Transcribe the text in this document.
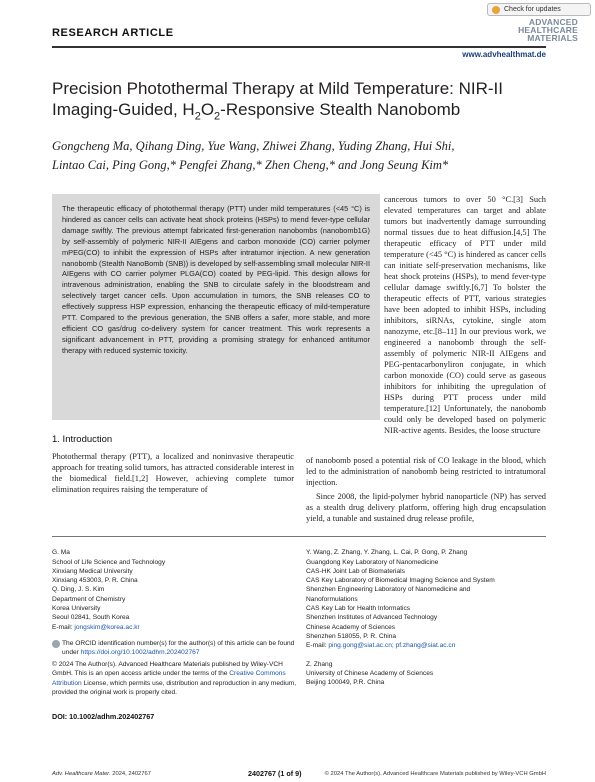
Check for updates
RESEARCH ARTICLE
ADVANCED
HEALTHCARE
MATERIALS
www.advhealthmat.de
Precision Photothermal Therapy at Mild Temperature: NIR-II
Imaging-Guided, $H_2O_2$-Responsive Stealth Nanobomb
Gongcheng Ma, Qihang Ding, Yue Wang, Zhiwei Zhang, Yuding Zhang, Hui Shi,
Lintao Cai, Ping Gong,* Pengfei Zhang,* Zhen Cheng,* and Jong Seung Kim*
The therapeutic efficacy of photothermal therapy (PTT) under mild temperatures (<45 °C) is hindered as cancer cells can activate heat shock proteins (HSPs) to mend fever-type cellular damage swiftly. The previous attempt fabricated first-generation nanobombs (nanobomb1G) by self-assembly of polymeric NIR-II AIEgens and carbon monoxide (CO) carrier polymer mPEG(CO) to inhibit the expression of HSPs after intratumor injection. A new generation nanobomb (Stealth NanoBomb (SNB)) is developed by self-assembling small molecular NIR-II AIEgens with CO carrier polymer PLGA(CO) coated by PEG-lipid. This design allows for intravenous administration, enabling the SNB to circulate safely in the bloodstream and selectively target cancer cells. Upon accumulation in tumors, the SNB releases CO to effectively suppress HSP expression, enhancing the therapeutic efficacy of mild-temperature PTT. Compared to the previous generation, the SNB offers a safer, more stable, and more efficient CO gas/drug co-delivery system for cancer treatment. This work represents a significant advancement in PTT, providing a promising strategy for enhanced antitumor therapy with reduced systemic toxicity.
cancerous tumors to over 50 °C.[3] Such elevated temperatures can target and ablate tumors but inadvertently damage surrounding normal tissues due to heat diffusion.[4,5] The therapeutic efficacy of PTT under mild temperature (<45 °C) is hindered as cancer cells can initiate self-preservation mechanisms, like heat shock proteins (HSPs), to mend fever-type cellular damage swiftly.[6,7] To bolster the therapeutic effects of PTT, various strategies have been adopted to inhibit HSPs, including inhibitors, siRNAs, cytokine, single atom nanozyme, etc.[8–11] In our previous work, we engineered a nanobomb through the self-assembly of polymeric NIR-II AIEgens and PEG-pentacarbonyliron conjugate, in which carbon monoxide (CO) could serve as gaseous inhibitors for inhibiting the upregulation of HSPs during PTT process under mild temperature.[12] Unfortunately, the nanobomb could only be developed based on polymeric NIR-active agents. Besides, the loose structure
1. Introduction
Photothermal therapy (PTT), a localized and noninvasive therapeutic approach for treating solid tumors, has attracted considerable interest in the biomedical field.[1,2] However, achieving complete tumor elimination requires raising the temperature of
of nanobomb posed a potential risk of CO leakage in the blood, which led to the administration of nanobomb being restricted to intratumoral injection.
Since 2008, the lipid-polymer hybrid nanoparticle (NP) has served as a stealth drug delivery platform, offering high drug encapsulation yield, a tunable and sustained drug release profile,

G. Ma
School of Life Science and Technology
Xinxiang Medical University
Xinxiang 453003, P. R. China
Q. Ding, J. S. Kim
Department of Chemistry
Korea University
Seoul 02841, South Korea

E-mail: jongskim@korea.ac.kr

Y. Wang, Z. Zhang, Y. Zhang, L. Cai, P. Gong, P. Zhang
Guangdong Key Laboratory of Nanomedicine
CAS-HK Joint Lab of Biomaterials
CAS Key Laboratory of Biomedical Imaging Science and System
Shenzhen Engineering Laboratory of Nanomedicine and
Nanoformulations
CAS Key Lab for Health Informatics
Shenzhen Institutes of Advanced Technology
Chinese Academy of Sciences
Shenzhen 518055, P. R. China

E-mail: ping.gong@siat.ac.cn; pf.zhang@siat.ac.cn

Z. Zhang
University of Chinese Academy of Sciences
Beijing 100049, P.R. China

The ORCID identification number(s) for the author(s) of this article can be found under https://doi.org/10.1002/adhm.202402767
© 2024 The Author(s). Advanced Healthcare Materials published by Wiley-VCH GmbH. This is an open access article under the terms of the Creative Commons Attribution License, which permits use, distribution and reproduction in any medium, provided the original work is properly cited.
DOI: 10.1002/adhm.202402767
Adv. Healthcare Mater. 2024, 2402767	2402767 (1 of 9)	© 2024 The Author(s). Advanced Healthcare Materials published by Wiley-VCH GmbH
